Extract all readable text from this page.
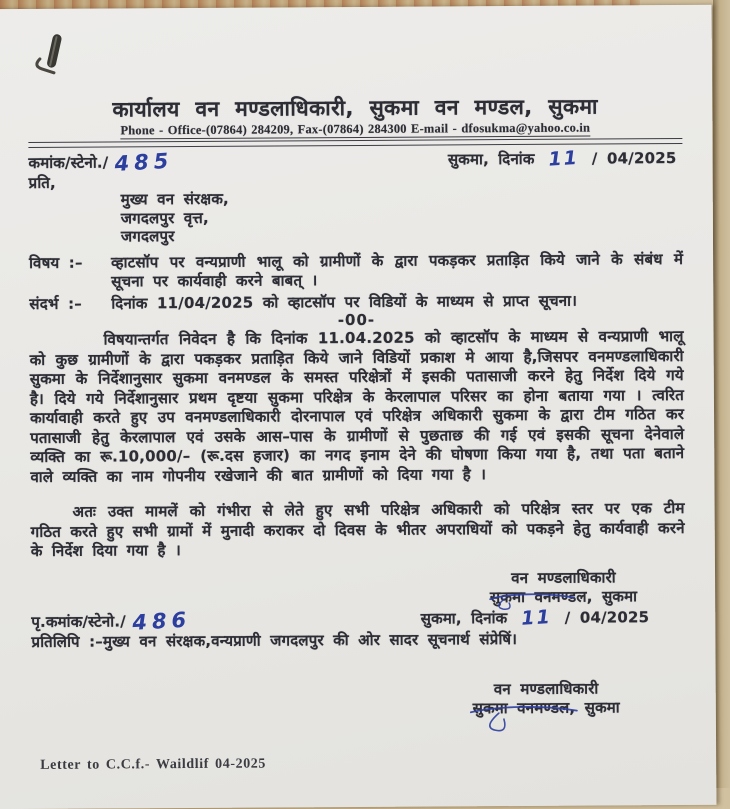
कार्यालय वन मण्डलाधिकारी, सुकमा वन मण्डल, सुकमा
Phone - Office-(07864) 284209, Fax-(07864) 284300 E-mail - dfosukma@yahoo.co.in
कमांक/स्टेनो./ 485	सुकमा, दिनांक 11 / 04/2025
प्रति,
मुख्य वन संरक्षक,
जगदलपुर वृत्त,
जगदलपुर
विषय :–	व्हाटसॉप पर वन्यप्राणी भालू को ग्रामीणों के द्वारा पकड़कर प्रताड़ित किये जाने के संबंध में सूचना पर कार्यवाही करने बाबत् ।
संदर्भ :–	दिनांक 11/04/2025 को व्हाटसॉप पर विडियों के माध्यम से प्राप्त सूचना।
-00-
विषयान्तर्गत निवेदन है कि दिनांक 11.04.2025 को व्हाटसॉप के माध्यम से वन्यप्राणी भालू को कुछ ग्रामीणों के द्वारा पकड़कर प्रताड़ित किये जाने विडियों प्रकाश मे आया है,जिसपर वनमण्डलाधिकारी सुकमा के निर्देशानुसार सुकमा वनमण्डल के समस्त परिक्षेत्रों में इसकी पतासाजी करने हेतु निर्देश दिये गये है। दिये गये निर्देशानुसार प्रथम दृष्टया सुकमा परिक्षेत्र के केरलापाल परिसर का होना बताया गया । त्वरित कार्यावाही करते हुए उप वनमण्डलाधिकारी दोरनापाल एवं परिक्षेत्र अधिकारी सुकमा के द्वारा टीम गठित कर पतासाजी हेतु केरलापाल एवं उसके आस–पास के ग्रामीणों से पुछताछ की गई एवं इसकी सूचना देनेवाले व्यक्ति का रू.10,000/– (रू.दस हजार) का नगद इनाम देने की घोषणा किया गया है, तथा पता बताने वाले व्यक्ति का नाम गोपनीय रखेजाने की बात ग्रामीणों को दिया गया है ।
अतः उक्त मामलें को गंभीरा से लेते हुए सभी परिक्षेत्र अधिकारी को परिक्षेत्र स्तर पर एक टीम गठित करते हुए सभी ग्रामों में मुनादी कराकर दो दिवस के भीतर अपराधियों को पकड़ने हेतु कार्यवाही करने के निर्देश दिया गया है ।
वन मण्डलाधिकारी
सुकमा वनमण्डल, सुकमा
पृ.कमांक/स्टेनो./ 486	सुकमा, दिनांक 11 / 04/2025
प्रतिलिपि :–मुख्य वन संरक्षक,वन्यप्राणी जगदलपुर की ओर सादर सूचनार्थ संप्रेषिं।
वन मण्डलाधिकारी
सुकमा वनमण्डल, सुकमा
Letter to C.C.f.- Waildlif 04-2025
